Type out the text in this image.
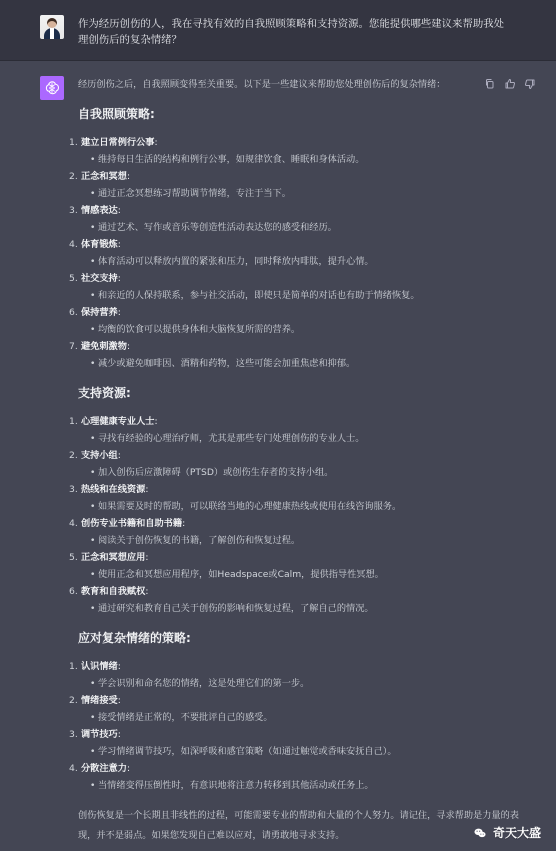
作为经历创伤的人，我在寻找有效的自我照顾策略和支持资源。您能提供哪些建议来帮助我处理创伤后的复杂情绪？

经历创伤之后，自我照顾变得至关重要。以下是一些建议来帮助您处理创伤后的复杂情绪：

自我照顾策略:
1. 建立日常例行公事:
• 维持每日生活的结构和例行公事，如规律饮食、睡眠和身体活动。
2. 正念和冥想:
• 通过正念冥想练习帮助调节情绪，专注于当下。
3. 情感表达:
• 通过艺术、写作或音乐等创造性活动表达您的感受和经历。
4. 体育锻炼:
• 体育活动可以释放内置的紧张和压力，同时释放内啡肽，提升心情。
5. 社交支持:
• 和亲近的人保持联系，参与社交活动，即使只是简单的对话也有助于情绪恢复。
6. 保持营养:
• 均衡的饮食可以提供身体和大脑恢复所需的营养。
7. 避免刺激物:
• 减少或避免咖啡因、酒精和药物，这些可能会加重焦虑和抑郁。
支持资源:
1. 心理健康专业人士:
• 寻找有经验的心理治疗师，尤其是那些专门处理创伤的专业人士。
2. 支持小组:
• 加入创伤后应激障碍（PTSD）或创伤生存者的支持小组。
3. 热线和在线资源:
• 如果需要及时的帮助，可以联络当地的心理健康热线或使用在线咨询服务。
4. 创伤专业书籍和自助书籍:
• 阅读关于创伤恢复的书籍，了解创伤和恢复过程。
5. 正念和冥想应用:
• 使用正念和冥想应用程序，如Headspace或Calm，提供指导性冥想。
6. 教育和自我赋权:
• 通过研究和教育自己关于创伤的影响和恢复过程，了解自己的情况。
应对复杂情绪的策略:
1. 认识情绪:
• 学会识别和命名您的情绪，这是处理它们的第一步。
2. 情绪接受:
• 接受情绪是正常的，不要批评自己的感受。
3. 调节技巧:
• 学习情绪调节技巧，如深呼吸和感官策略（如通过触觉或香味安抚自己）。
4. 分散注意力:
• 当情绪变得压倒性时，有意识地将注意力转移到其他活动或任务上。

创伤恢复是一个长期且非线性的过程，可能需要专业的帮助和大量的个人努力。请记住，寻求帮助是力量的表现，并不是弱点。如果您发现自己难以应对，请勇敢地寻求支持。	奇天大盛
